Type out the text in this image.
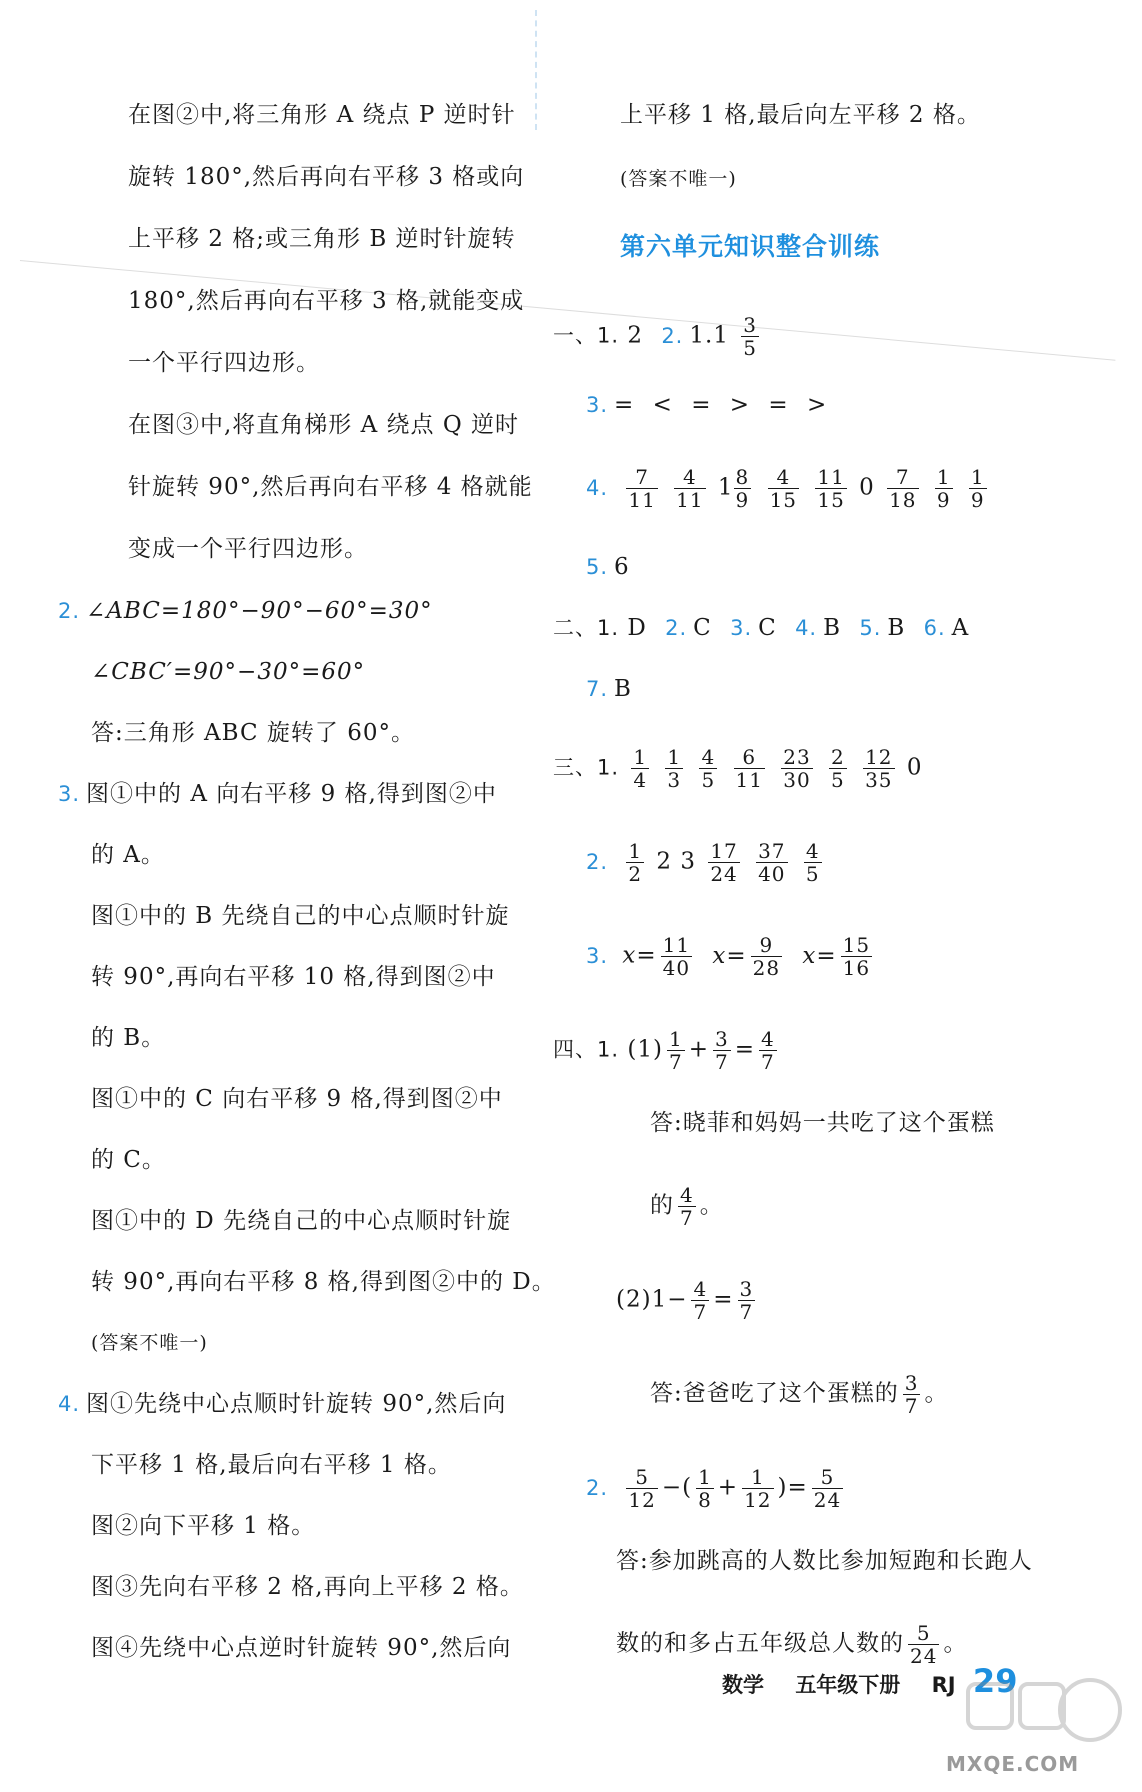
在图②中,将三角形 A 绕点 P 逆时针
旋转 180°,然后再向右平移 3 格或向
上平移 2 格;或三角形 B 逆时针旋转
180°,然后再向右平移 3 格,就能变成
一个平行四边形。
在图③中,将直角梯形 A 绕点 Q 逆时
针旋转 90°,然后再向右平移 4 格就能
变成一个平行四边形。
2. ∠ABC=180°−90°−60°=30°
∠CBC′=90°−30°=60°
答:三角形 ABC 旋转了 60°。
3. 图①中的 A 向右平移 9 格,得到图②中
的 A。
图①中的 B 先绕自己的中心点顺时针旋
转 90°,再向右平移 10 格,得到图②中
的 B。
图①中的 C 向右平移 9 格,得到图②中
的 C。
图①中的 D 先绕自己的中心点顺时针旋
转 90°,再向右平移 8 格,得到图②中的 D。
(答案不唯一)
4. 图①先绕中心点顺时针旋转 90°,然后向
下平移 1 格,最后向右平移 1 格。
图②向下平移 1 格。
图③先向右平移 2 格,再向上平移 2 格。
图④先绕中心点逆时针旋转 90°,然后向
上平移 1 格,最后向左平移 2 格。
(答案不唯一)
第六单元知识整合训练
一、1. 2 2. $1.1 \frac{3}{5}$
3. = < = > = >
4. $\frac{7}{11}$
$\frac{4}{11} 1 \frac{8}{9}$
$\frac{4}{15}$
$\frac{11}{15} 0 \frac{7}{18}$
$\frac{1}{9}$
$\frac{1}{9}$
5. 6
二、1. D 2. C 3. C 4. B 5. B 6. A
7. B
三、1. $\frac{1}{4}$
$\frac{1}{3}$
$\frac{4}{5}$
$\frac{6}{11}$
$\frac{23}{30}$
$\frac{2}{5}$
$\frac{12}{35} 0$
2. $\frac{1}{2} 2$ $3 \frac{17}{24}$
$\frac{37}{40}$
$\frac{4}{5}$
3. $x= \frac{11}{40} x= \frac{9}{28} x= \frac{15}{16}$
四、1. $(1) \frac{1}{7} + \frac{3}{7} = \frac{4}{7}$
答:晓菲和妈妈一共吃了这个蛋糕
的 $\frac{4}{7}$ 。
$(2)1- \frac{4}{7} = \frac{3}{7}$
答:爸爸吃了这个蛋糕的 $\frac{3}{7}$ 。
2. $\frac{5}{12}$ −( $\frac{1}{8} + \frac{1}{12}$ )= $\frac{5}{24}$
答:参加跳高的人数比参加短跑和长跑人
数的和多占五年级总人数的 $\frac{5}{24}$ 。
数学 五年级下册 RJ 29
MXQE.COM
